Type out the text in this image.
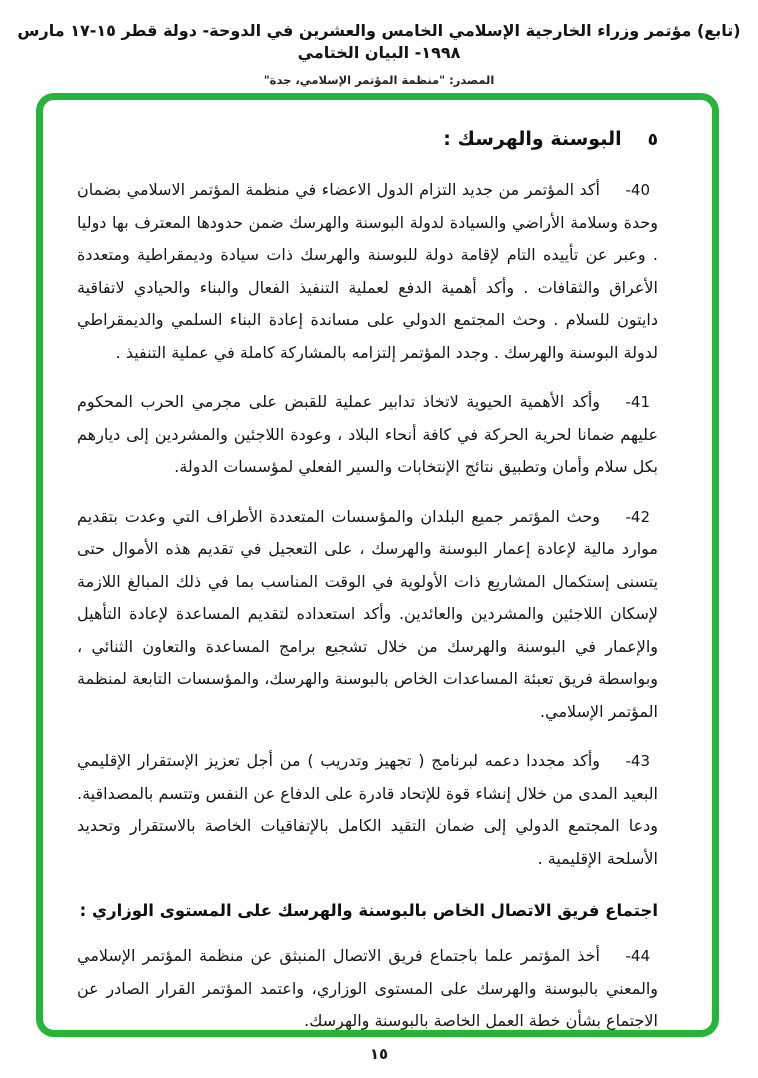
(تابع) مؤتمر وزراء الخارجية الإسلامي الخامس والعشرين في الدوحة- دولة قطر ١٥-١٧ مارس ١٩٩٨- البيان الختامي
المصدر: "منظمة المؤتمر الإسلامي، جدة"
٥
البوسنة والهرسك :
40-
أكد المؤتمر من جديد التزام الدول الاعضاء في منظمة المؤتمر الاسلامي بضمان وحدة وسلامة الأراضي والسيادة لدولة البوسنة والهرسك ضمن حدودها المعترف بها دوليا . وعبر عن تأييده التام لإقامة دولة للبوسنة والهرسك ذات سيادة وديمقراطية ومتعددة الأعراق والثقافات . وأكد أهمية الدفع لعملية التنفيذ الفعال والبناء والحيادي لاتفاقية دايتون للسلام . وحث المجتمع الدولي على مساندة إعادة البناء السلمي والديمقراطي لدولة البوسنة والهرسك . وجدد المؤتمر إلتزامه بالمشاركة كاملة في عملية التنفيذ .
41-
وأكد الأهمية الحيوية لاتخاذ تدابير عملية للقبض على مجرمي الحرب المحكوم عليهم ضمانا لحرية الحركة في كافة أنحاء البلاد ، وعودة اللاجئين والمشردين إلى ديارهم بكل سلام وأمان وتطبيق نتائج الإنتخابات والسير الفعلي لمؤسسات الدولة.
42-
وحث المؤتمر جميع البلدان والمؤسسات المتعددة الأطراف التي وعدت بتقديم موارد مالية لإعادة إعمار البوسنة والهرسك ، على التعجيل في تقديم هذه الأموال حتى يتسنى إستكمال المشاريع ذات الأولوية في الوقت المناسب بما في ذلك المبالغ اللازمة لإسكان اللاجئين والمشردين والعائدين. وأكد استعداده لتقديم المساعدة لإعادة التأهيل والإعمار في البوسنة والهرسك من خلال تشجيع برامج المساعدة والتعاون الثنائي ، وبواسطة فريق تعبئة المساعدات الخاص بالبوسنة والهرسك، والمؤسسات التابعة لمنظمة المؤتمر الإسلامي.
43-
وأكد مجددا دعمه لبرنامج ( تجهيز وتدريب ) من أجل تعزيز الإستقرار الإقليمي البعيد المدى من خلال إنشاء قوة للإتحاد قادرة على الدفاع عن النفس وتتسم بالمصداقية. ودعا المجتمع الدولي إلى ضمان التقيد الكامل بالإتفاقيات الخاصة بالاستقرار وتحديد الأسلحة الإقليمية .
اجتماع فريق الاتصال الخاص بالبوسنة والهرسك على المستوى الوزاري :
44-
أخذ المؤتمر علما باجتماع فريق الاتصال المنبثق عن منظمة المؤتمر الإسلامي والمعني بالبوسنة والهرسك على المستوى الوزاري، واعتمد المؤتمر القرار الصادر عن الاجتماع بشأن خطة العمل الخاصة بالبوسنة والهرسك.
١٥
